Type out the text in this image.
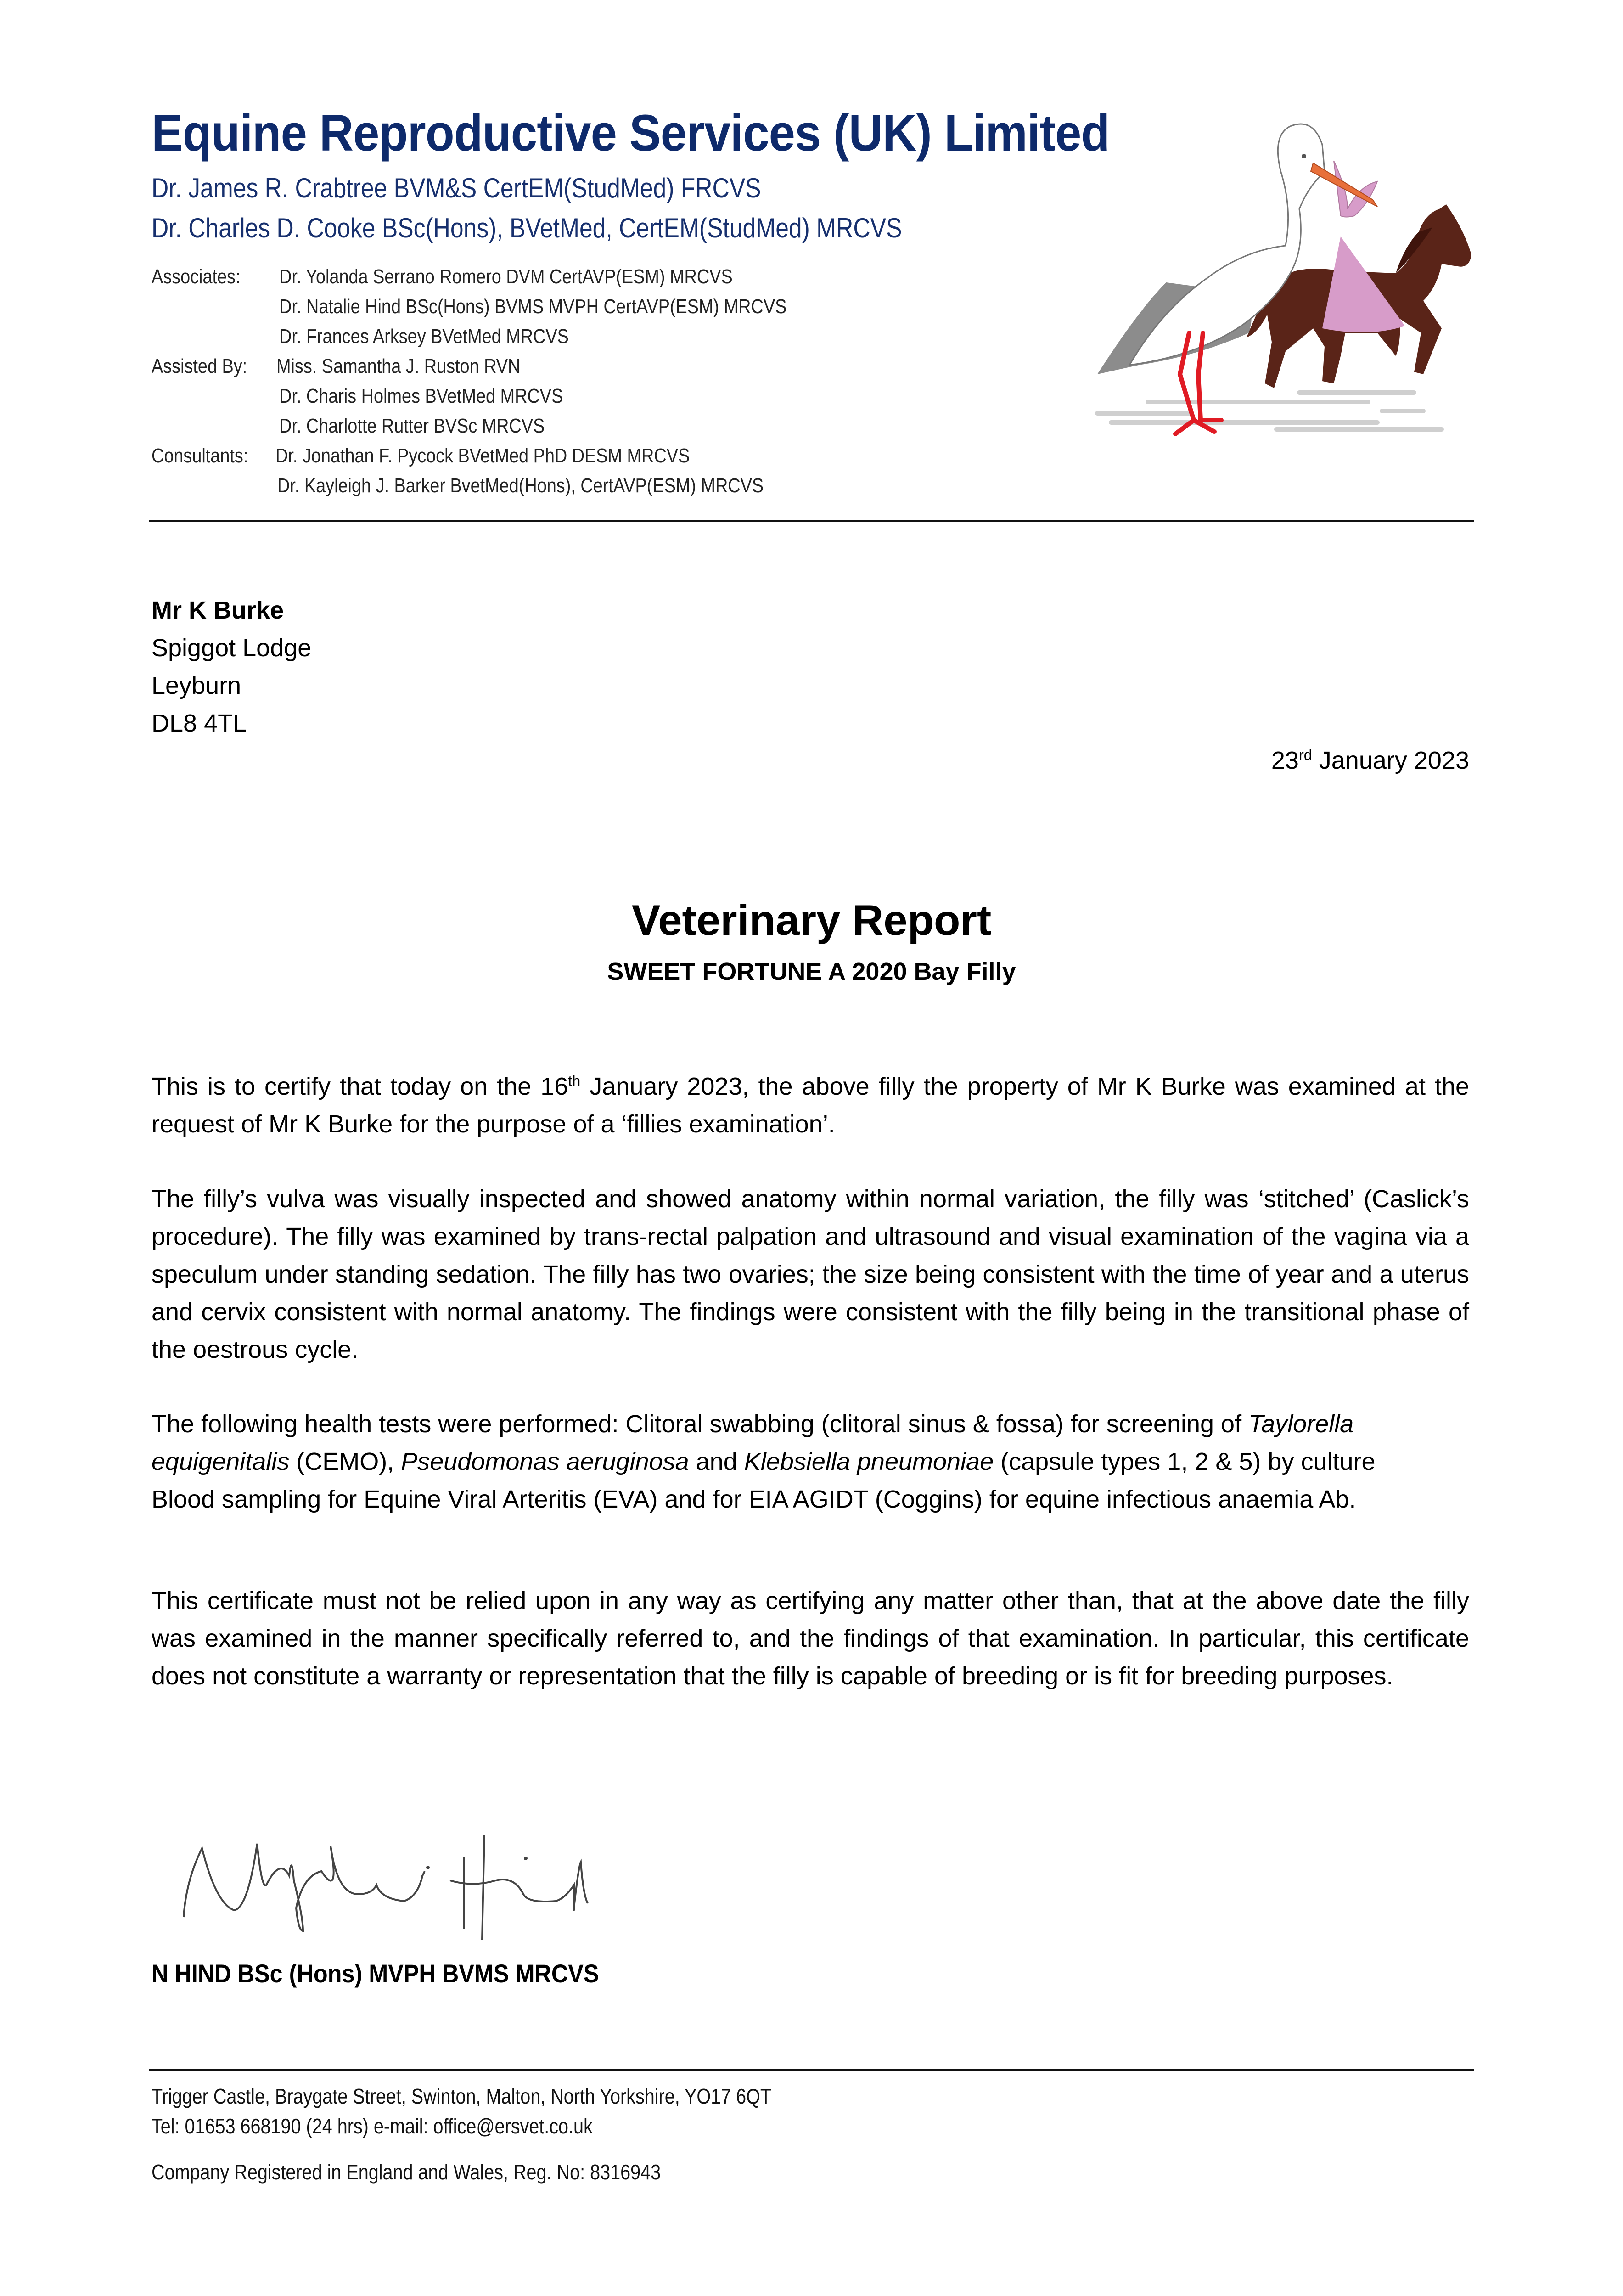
Equine Reproductive Services (UK) Limited
Dr. James R. Crabtree BVM&S CertEM(StudMed) FRCVS
Dr. Charles D. Cooke BSc(Hons), BVetMed, CertEM(StudMed) MRCVS
Associates: Dr. Yolanda Serrano Romero DVM CertAVP(ESM) MRCVS
Dr. Natalie Hind BSc(Hons) BVMS MVPH CertAVP(ESM) MRCVS
Dr. Frances Arksey BVetMed MRCVS
Assisted By: Miss. Samantha J. Ruston RVN
Dr. Charis Holmes BVetMed MRCVS
Dr. Charlotte Rutter BVSc MRCVS
Consultants: Dr. Jonathan F. Pycock BVetMed PhD DESM MRCVS
Dr. Kayleigh J. Barker BvetMed(Hons), CertAVP(ESM) MRCVS
Mr K Burke
Spiggot Lodge
Leyburn
DL8 4TL
23rd January 2023
Veterinary Report
SWEET FORTUNE A 2020 Bay Filly
This is to certify that today on the 16th January 2023, the above filly the property of Mr K Burke was examined at the request of Mr K Burke for the purpose of a ‘fillies examination’.
The filly’s vulva was visually inspected and showed anatomy within normal variation, the filly was ‘stitched’ (Caslick’s procedure). The filly was examined by trans-rectal palpation and ultrasound and visual examination of the vagina via a speculum under standing sedation. The filly has two ovaries; the size being consistent with the time of year and a uterus and cervix consistent with normal anatomy. The findings were consistent with the filly being in the transitional phase of the oestrous cycle.
The following health tests were performed: Clitoral swabbing (clitoral sinus & fossa) for screening of Taylorella equigenitalis (CEMO), Pseudomonas aeruginosa and Klebsiella pneumoniae (capsule types 1, 2 & 5) by culture Blood sampling for Equine Viral Arteritis (EVA) and for EIA AGIDT (Coggins) for equine infectious anaemia Ab.
This certificate must not be relied upon in any way as certifying any matter other than, that at the above date the filly was examined in the manner specifically referred to, and the findings of that examination. In particular, this certificate does not constitute a warranty or representation that the filly is capable of breeding or is fit for breeding purposes.
N HIND BSc (Hons) MVPH BVMS MRCVS
Trigger Castle, Braygate Street, Swinton, Malton, North Yorkshire, YO17 6QT
Tel: 01653 668190 (24 hrs) e-mail: office@ersvet.co.uk
Company Registered in England and Wales, Reg. No: 8316943
